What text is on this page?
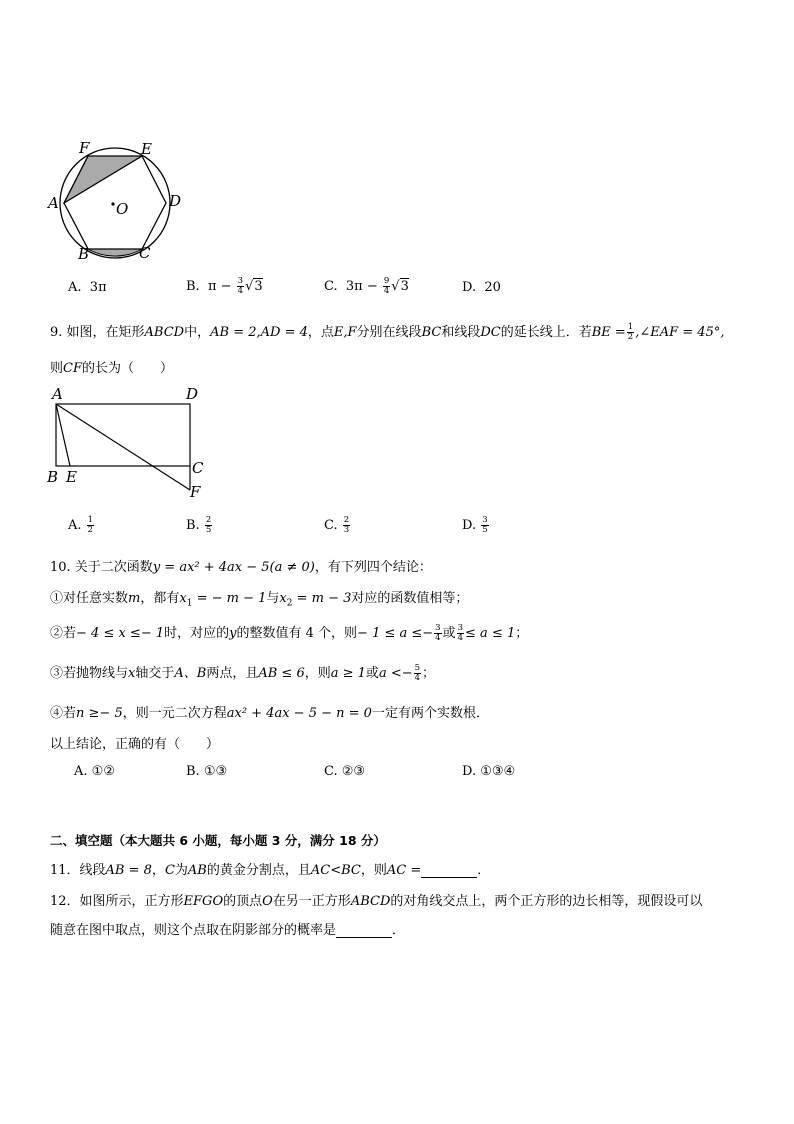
F	E
A	O	D
B	C
A. 3π	B. $\pi - \frac{3}{4} √3$	C. $3\pi - \frac{9}{4} √3$	D. 20
9. 如图，在矩形ABCD中，AB = 2,AD = 4，点E,F分别在线段BC和线段DC的延长线上．若BE = $\frac{1}{2}$ ,∠EAF = 45°,
则CF的长为（　　）
A	D
B E	C
F
A. $\frac{1}{2}$	B. $\frac{2}{5}$	C. $\frac{2}{3}$	D. $\frac{3}{5}$
10. 关于二次函数y = ax² + 4ax − 5(a ≠ 0)，有下列四个结论：
①对任意实数m，都有$x_1$ = − m − 1与$x_2 = m - 3$对应的函数值相等；
②若− 4 ≤ x ≤− 1时，对应的y的整数值有 4 个，则− $1 \le a \le- \frac{3}{4}$ 或 $\frac{3}{4} \le a \le 1$；
③若抛物线与x轴交于A、B两点，且AB ≤ 6，则a ≥ 1或$a <- \frac{5}{4}$ ；
④若n ≥− 5，则一元二次方程ax² + 4ax − 5 − n = 0一定有两个实数根．
以上结论，正确的有（　　）
A. ①②	B. ①③	C. ②③	D. ①③④
二、填空题（本大题共 6 小题，每小题 3 分，满分 18 分）
11．线段AB = 8，C为AB的黄金分割点，且AC<BC，则AC =	．
12．如图所示，正方形EFGO的顶点O在另一正方形ABCD的对角线交点上，两个正方形的边长相等，现假设可以
随意在图中取点，则这个点取在阴影部分的概率是	．
